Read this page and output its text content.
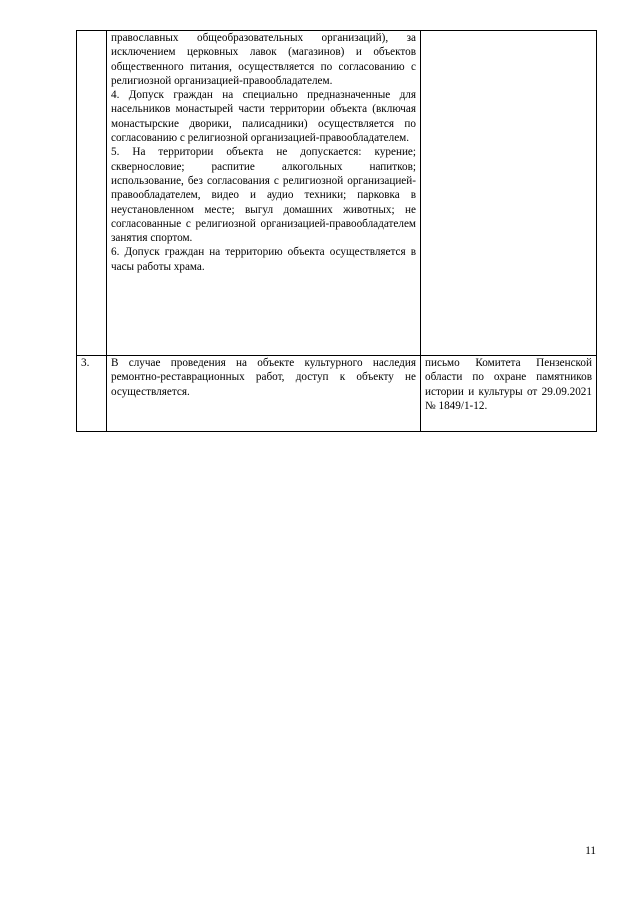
	православных общеобразовательных организаций), за исключением церковных лавок (магазинов) и объектов общественного питания, осуществляется по согласованию с религиозной организацией-правообладателем.
4. Допуск граждан на специально предназначенные для насельников монастырей части территории объекта (включая монастырские дворики, палисадники) осуществляется по согласованию с религиозной организацией-правообладателем.
5. На территории объекта не допускается: курение; сквернословие; распитие алкогольных напитков; использование, без согласования с религиозной организацией-правообладателем, видео и аудио техники; парковка в неустановленном месте; выгул домашних животных; не согласованные с религиозной организацией-правообладателем занятия спортом.
6. Допуск граждан на территорию объекта осуществляется в часы работы храма.	

3.	В случае проведения на объекте культурного наследия ремонтно-реставрационных работ, доступ к объекту не осуществляется.	письмо Комитета Пензенской области по охране памятников истории и культуры от 29.09.2021 № 1849/1-12.
11
